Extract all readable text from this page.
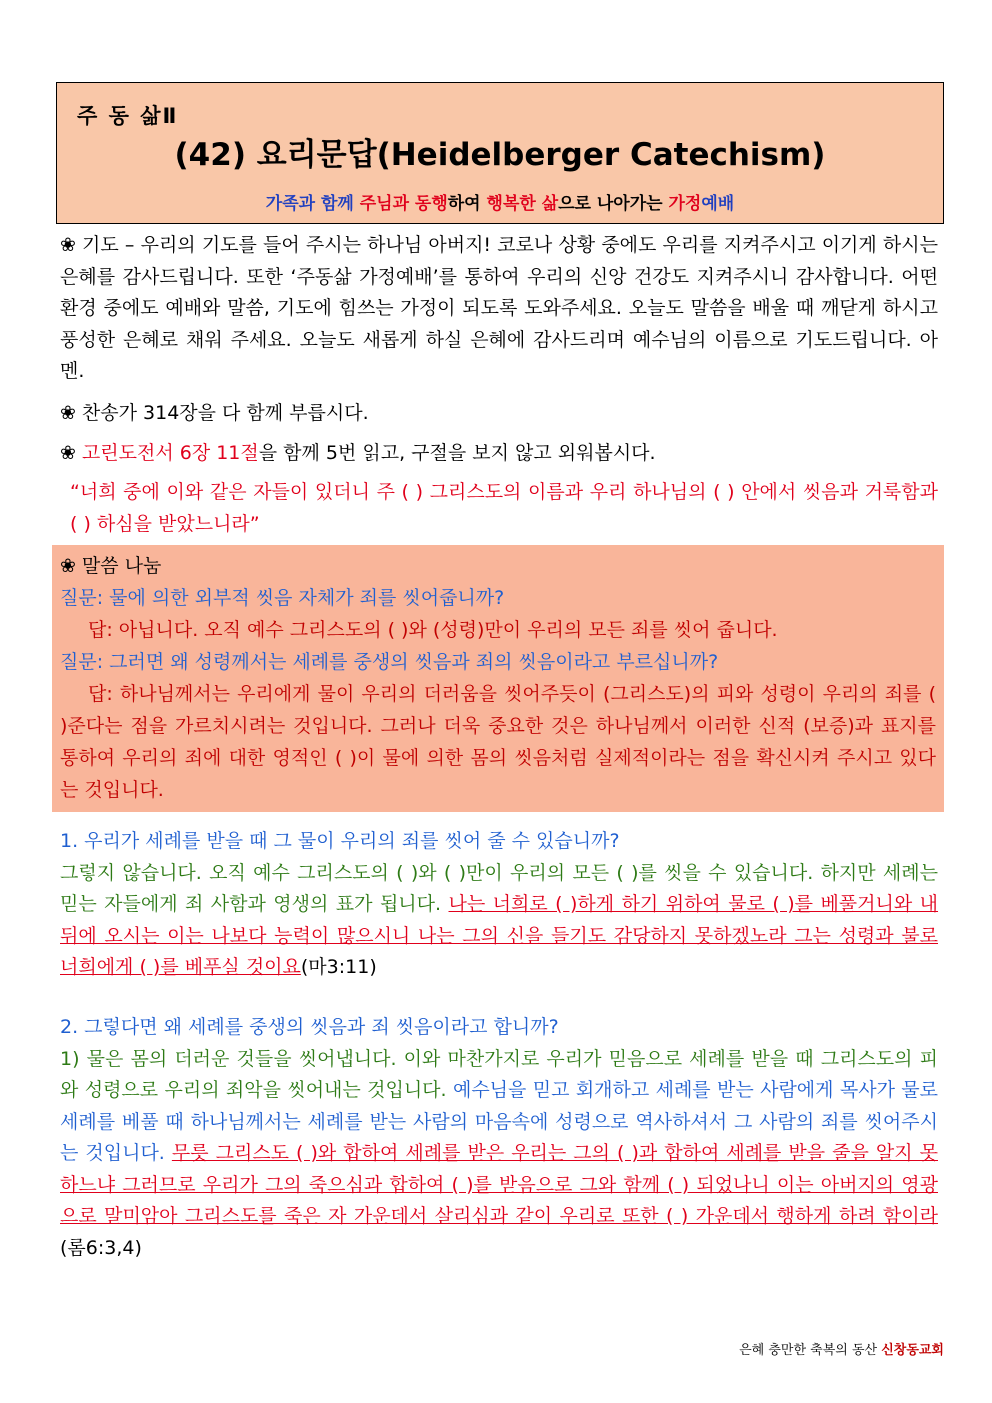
주 동 삶Ⅱ
(42) 요리문답(Heidelberger Catechism)
가족과 함께 주님과 동행하여 행복한 삶으로 나아가는 가정예배
❀ 기도 – 우리의 기도를 들어 주시는 하나님 아버지! 코로나 상황 중에도 우리를 지켜주시고 이기게 하시는 은혜를 감사드립니다. 또한 ‘주동삶 가정예배’를 통하여 우리의 신앙 건강도 지켜주시니 감사합니다. 어떤 환경 중에도 예배와 말씀, 기도에 힘쓰는 가정이 되도록 도와주세요. 오늘도 말씀을 배울 때 깨닫게 하시고 풍성한 은혜로 채워 주세요. 오늘도 새롭게 하실 은혜에 감사드리며 예수님의 이름으로 기도드립니다. 아멘.
❀ 찬송가 314장을 다 함께 부릅시다.
❀ 고린도전서 6장 11절을 함께 5번 읽고, 구절을 보지 않고 외워봅시다.
“너희 중에 이와 같은 자들이 있더니 주 ( ) 그리스도의 이름과 우리 하나님의 ( ) 안에서 씻음과 거룩함과 ( ) 하심을 받았느니라”
❀ 말씀 나눔
질문: 물에 의한 외부적 씻음 자체가 죄를 씻어줍니까?
답: 아닙니다. 오직 예수 그리스도의 ( )와 (성령)만이 우리의 모든 죄를 씻어 줍니다.
질문: 그러면 왜 성령께서는 세례를 중생의 씻음과 죄의 씻음이라고 부르십니까?
답: 하나님께서는 우리에게 물이 우리의 더러움을 씻어주듯이 (그리스도)의 피와 성령이 우리의 죄를 ( )준다는 점을 가르치시려는 것입니다. 그러나 더욱 중요한 것은 하나님께서 이러한 신적 (보증)과 표지를 통하여 우리의 죄에 대한 영적인 ( )이 물에 의한 몸의 씻음처럼 실제적이라는 점을 확신시켜 주시고 있다는 것입니다.
1. 우리가 세례를 받을 때 그 물이 우리의 죄를 씻어 줄 수 있습니까?
그렇지 않습니다. 오직 예수 그리스도의 ( )와 ( )만이 우리의 모든 ( )를 씻을 수 있습니다. 하지만 세례는 믿는 자들에게 죄 사함과 영생의 표가 됩니다. 나는 너희로 ( )하게 하기 위하여 물로 ( )를 베풀거니와 내 뒤에 오시는 이는 나보다 능력이 많으시니 나는 그의 신을 들기도 감당하지 못하겠노라 그는 성령과 불로 너희에게 ( )를 베푸실 것이요(마3:11)
2. 그렇다면 왜 세례를 중생의 씻음과 죄 씻음이라고 합니까?
1) 물은 몸의 더러운 것들을 씻어냅니다. 이와 마찬가지로 우리가 믿음으로 세례를 받을 때 그리스도의 피와 성령으로 우리의 죄악을 씻어내는 것입니다. 예수님을 믿고 회개하고 세례를 받는 사람에게 목사가 물로 세례를 베풀 때 하나님께서는 세례를 받는 사람의 마음속에 성령으로 역사하셔서 그 사람의 죄를 씻어주시는 것입니다. 무릇 그리스도 ( )와 합하여 세례를 받은 우리는 그의 ( )과 합하여 세례를 받을 줄을 알지 못하느냐 그러므로 우리가 그의 죽으심과 합하여 ( )를 받음으로 그와 함께 ( ) 되었나니 이는 아버지의 영광으로 말미암아 그리스도를 죽은 자 가운데서 살리심과 같이 우리로 또한 ( ) 가운데서 행하게 하려 함이라 (롬6:3,4)
은혜 충만한 축복의 동산 신창동교회
